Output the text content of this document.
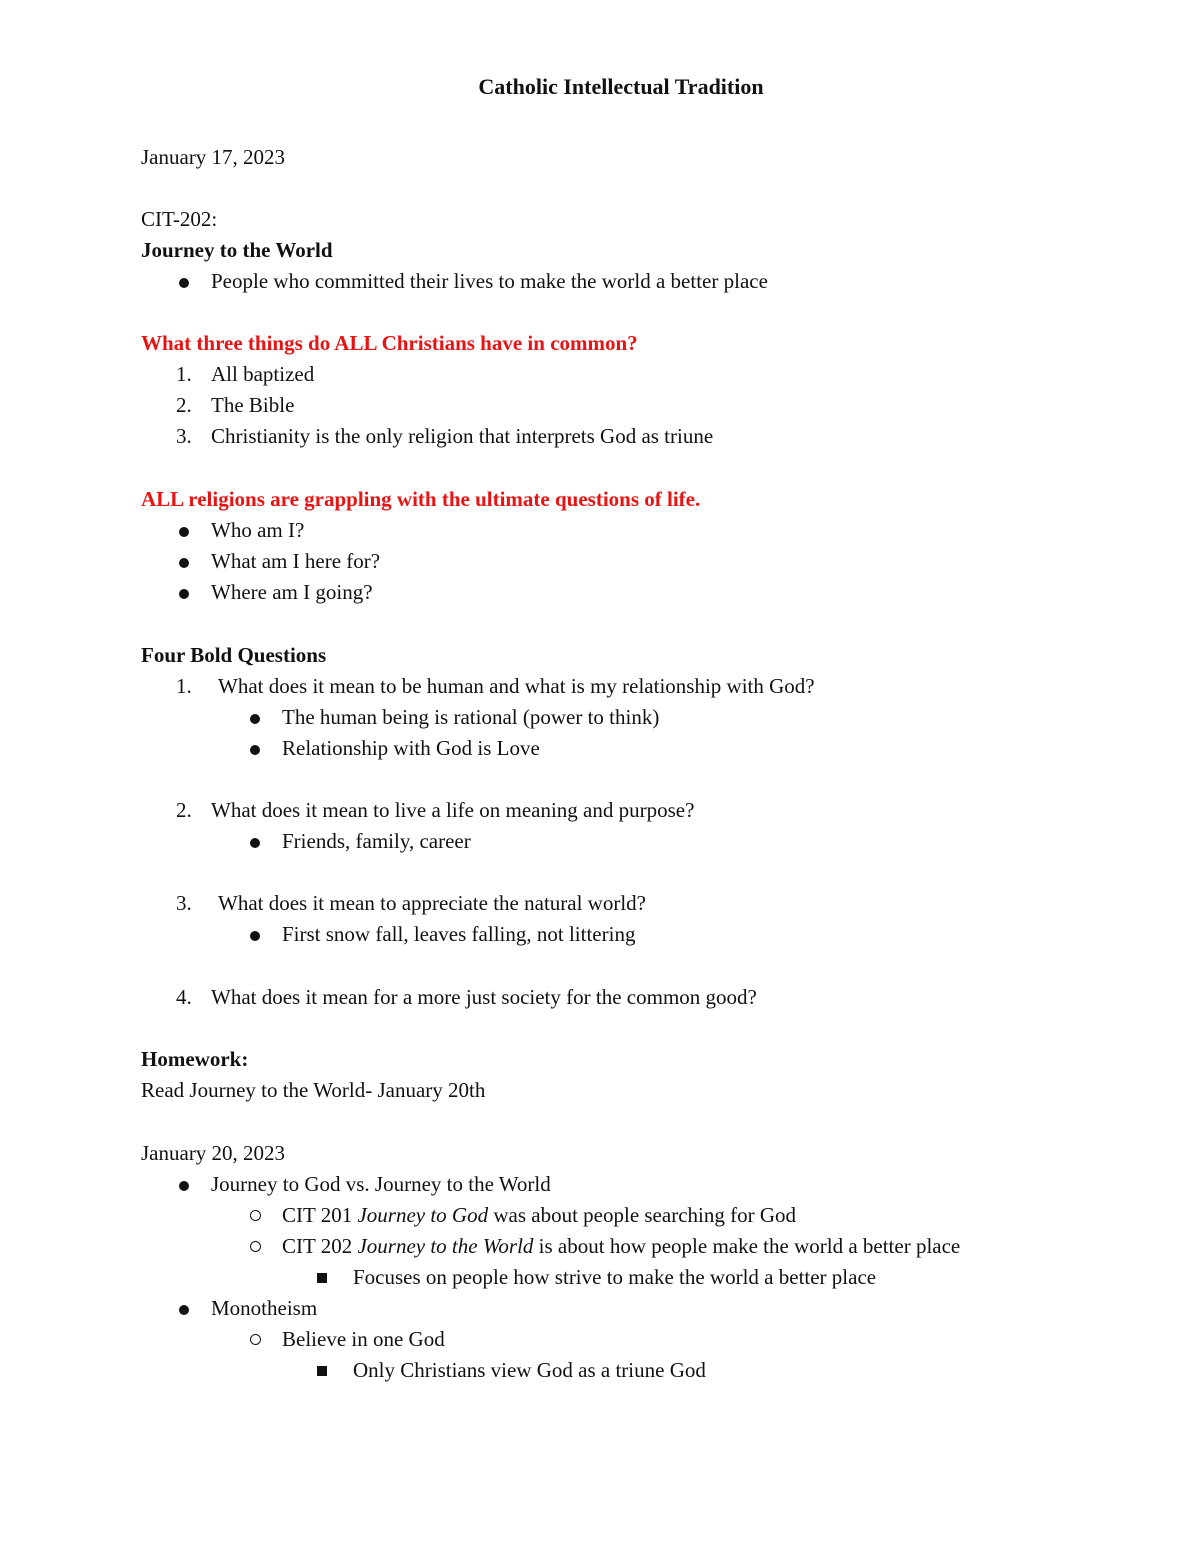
Catholic Intellectual Tradition
January 17, 2023
CIT-202:
Journey to the World
People who committed their lives to make the world a better place
What three things do ALL Christians have in common?
1. All baptized
2. The Bible
3. Christianity is the only religion that interprets God as triune
ALL religions are grappling with the ultimate questions of life.
Who am I?
What am I here for?
Where am I going?
Four Bold Questions
1. What does it mean to be human and what is my relationship with God?
The human being is rational (power to think)
Relationship with God is Love
2. What does it mean to live a life on meaning and purpose?
Friends, family, career
3. What does it mean to appreciate the natural world?
First snow fall, leaves falling, not littering
4. What does it mean for a more just society for the common good?
Homework:
Read Journey to the World- January 20th
January 20, 2023
Journey to God vs. Journey to the World
CIT 201 Journey to God was about people searching for God
CIT 202 Journey to the World is about how people make the world a better place
Focuses on people how strive to make the world a better place
Monotheism
Believe in one God
Only Christians view God as a triune God
